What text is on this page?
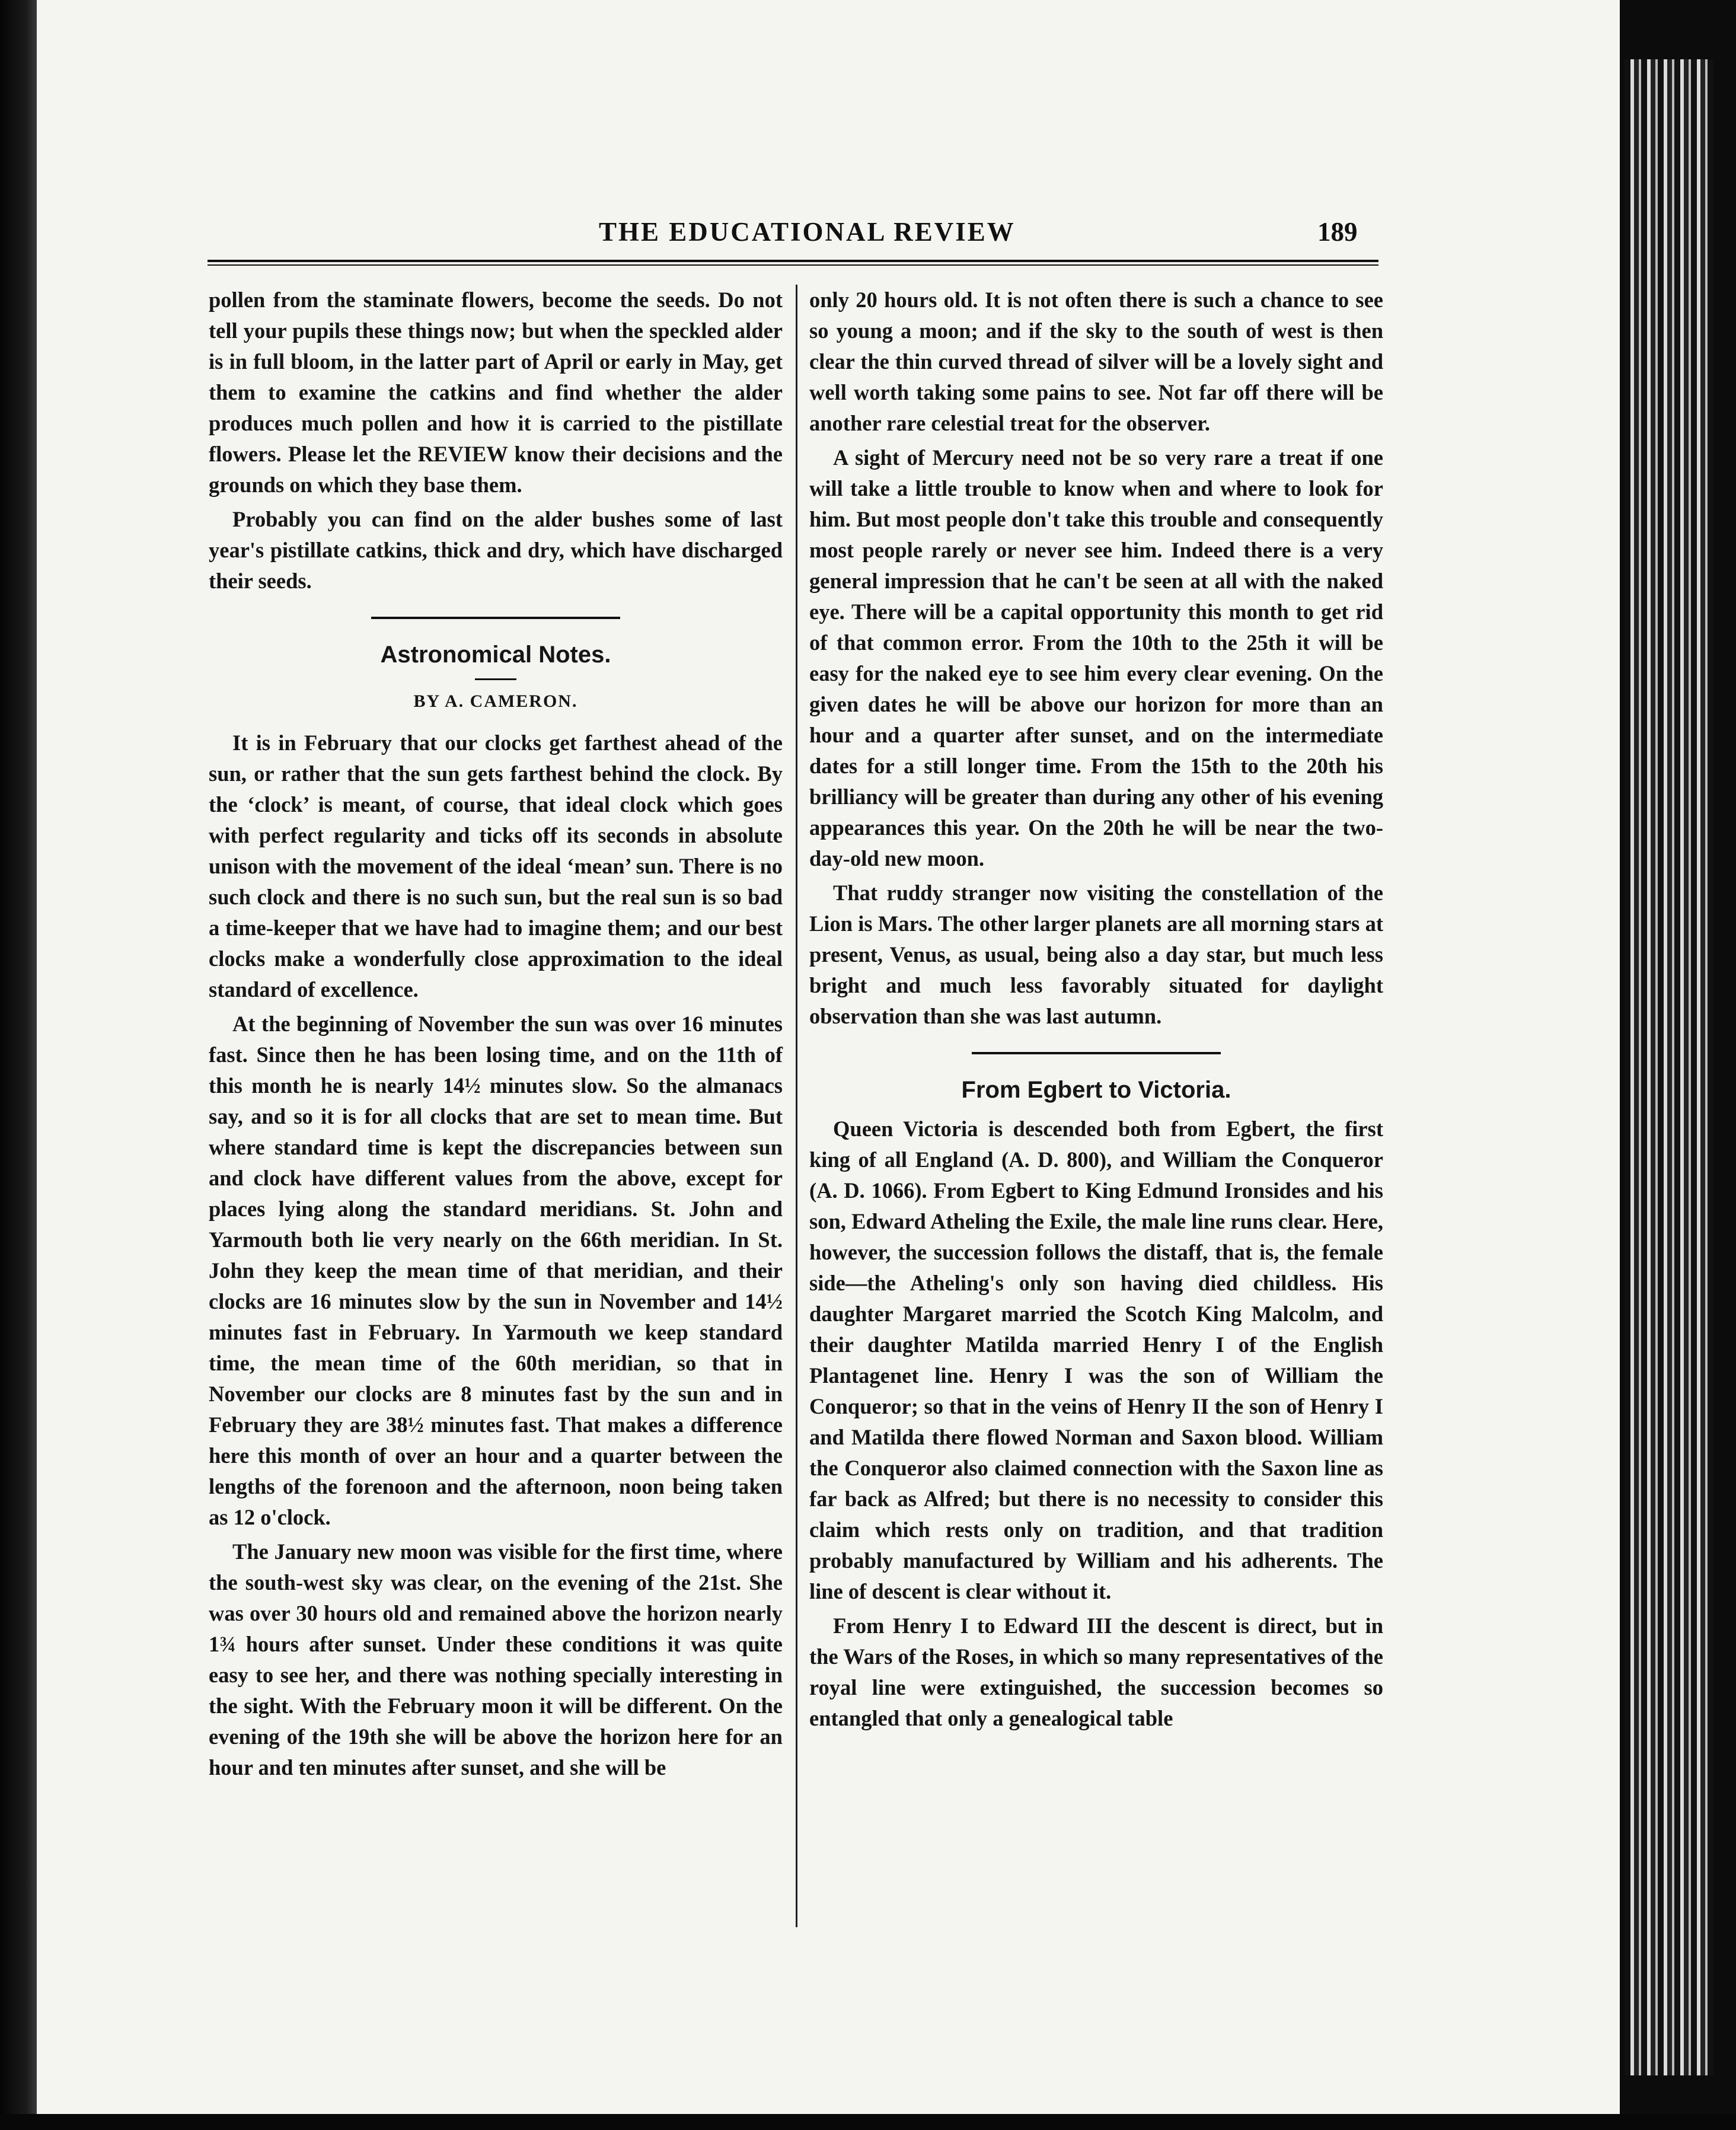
THE EDUCATIONAL REVIEW	189

pollen from the staminate flowers, become the seeds. Do not tell your pupils these things now; but when the speckled alder is in full bloom, in the latter part of April or early in May, get them to examine the catkins and find whether the alder produces much pollen and how it is carried to the pistillate flowers. Please let the REVIEW know their decisions and the grounds on which they base them.

Probably you can find on the alder bushes some of last year's pistillate catkins, thick and dry, which have discharged their seeds.

Astronomical Notes.
BY A. CAMERON.

It is in February that our clocks get farthest ahead of the sun, or rather that the sun gets farthest behind the clock. By the ‘clock’ is meant, of course, that ideal clock which goes with perfect regularity and ticks off its seconds in absolute unison with the movement of the ideal ‘mean’ sun. There is no such clock and there is no such sun, but the real sun is so bad a time-keeper that we have had to imagine them; and our best clocks make a wonderfully close approximation to the ideal standard of excellence.

At the beginning of November the sun was over 16 minutes fast. Since then he has been losing time, and on the 11th of this month he is nearly 14½ minutes slow. So the almanacs say, and so it is for all clocks that are set to mean time. But where standard time is kept the discrepancies between sun and clock have different values from the above, except for places lying along the standard meridians. St. John and Yarmouth both lie very nearly on the 66th meridian. In St. John they keep the mean time of that meridian, and their clocks are 16 minutes slow by the sun in November and 14½ minutes fast in February. In Yarmouth we keep standard time, the mean time of the 60th meridian, so that in November our clocks are 8 minutes fast by the sun and in February they are 38½ minutes fast. That makes a difference here this month of over an hour and a quarter between the lengths of the forenoon and the afternoon, noon being taken as 12 o'clock.

The January new moon was visible for the first time, where the south-west sky was clear, on the evening of the 21st. She was over 30 hours old and remained above the horizon nearly 1¾ hours after sunset. Under these conditions it was quite easy to see her, and there was nothing specially interesting in the sight. With the February moon it will be different. On the evening of the 19th she will be above the horizon here for an hour and ten minutes after sunset, and she will be

only 20 hours old. It is not often there is such a chance to see so young a moon; and if the sky to the south of west is then clear the thin curved thread of silver will be a lovely sight and well worth taking some pains to see. Not far off there will be another rare celestial treat for the observer.

A sight of Mercury need not be so very rare a treat if one will take a little trouble to know when and where to look for him. But most people don't take this trouble and consequently most people rarely or never see him. Indeed there is a very general impression that he can't be seen at all with the naked eye. There will be a capital opportunity this month to get rid of that common error. From the 10th to the 25th it will be easy for the naked eye to see him every clear evening. On the given dates he will be above our horizon for more than an hour and a quarter after sunset, and on the intermediate dates for a still longer time. From the 15th to the 20th his brilliancy will be greater than during any other of his evening appearances this year. On the 20th he will be near the two-day-old new moon.

That ruddy stranger now visiting the constellation of the Lion is Mars. The other larger planets are all morning stars at present, Venus, as usual, being also a day star, but much less bright and much less favorably situated for daylight observation than she was last autumn.

From Egbert to Victoria.

Queen Victoria is descended both from Egbert, the first king of all England (A. D. 800), and William the Conqueror (A. D. 1066). From Egbert to King Edmund Ironsides and his son, Edward Atheling the Exile, the male line runs clear. Here, however, the succession follows the distaff, that is, the female side—the Atheling's only son having died childless. His daughter Margaret married the Scotch King Malcolm, and their daughter Matilda married Henry I of the English Plantagenet line. Henry I was the son of William the Conqueror; so that in the veins of Henry II the son of Henry I and Matilda there flowed Norman and Saxon blood. William the Conqueror also claimed connection with the Saxon line as far back as Alfred; but there is no necessity to consider this claim which rests only on tradition, and that tradition probably manufactured by William and his adherents. The line of descent is clear without it.

From Henry I to Edward III the descent is direct, but in the Wars of the Roses, in which so many representatives of the royal line were extinguished, the succession becomes so entangled that only a genealogical table
